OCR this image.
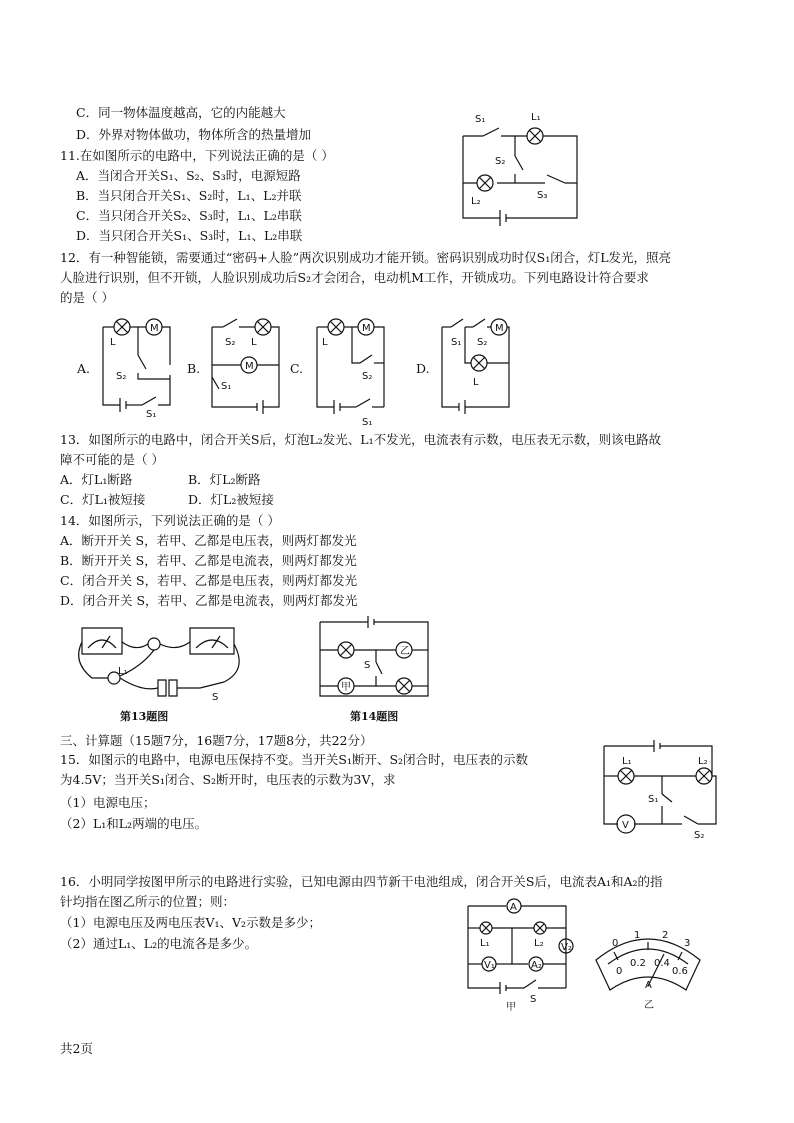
C．同一物体温度越高，它的内能越大
D．外界对物体做功，物体所含的热量增加
11.在如图所示的电路中，下列说法正确的是（ ）
A．当闭合开关S₁、S₂、S₃时，电源短路
B．当只闭合开关S₁、S₂时，L₁、L₂并联
C．当只闭合开关S₂、S₃时，L₁、L₂串联
D．当只闭合开关S₁、S₃时，L₁、L₂串联
S₁	L₁
S₂
L₂
S₃
12．有一种智能锁，需要通过“密码+人脸”两次识别成功才能开锁。密码识别成功时仅S₁闭合，灯L发光，照亮
人脸进行识别，但不开锁，人脸识别成功后S₂才会闭合，电动机M工作，开锁成功。下列电路设计符合要求
的是（ ）
A.	B.	C.	D.
M
L
S₂
S₁
M
S₂ L
S₁
M
L
S₂
S₁
M
S₁ S₂
L
13．如图所示的电路中，闭合开关S后，灯泡L₂发光、L₁不发光，电流表有示数，电压表无示数，则该电路故
障不可能的是（ ）
A．灯L₁断路	B．灯L₂断路
C．灯L₁被短接	D．灯L₂被短接
14．如图所示，下列说法正确的是（ ）
A．断开开关 S，若甲、乙都是电压表，则两灯都发光
B．断开开关 S，若甲、乙都是电流表，则两灯都发光
C．闭合开关 S，若甲、乙都是电压表，则两灯都发光
D．闭合开关 S，若甲、乙都是电流表，则两灯都发光
L₁
S
第13题图
乙
甲
S
第14题图
三、计算题（15题7分，16题7分，17题8分，共22分）
15．如图示的电路中，电源电压保持不变。当开关S₁断开、S₂闭合时，电压表的示数
为4.5V；当开关S₁闭合、S₂断开时，电压表的示数为3V，求
（1）电源电压；
（2）L₁和L₂两端的电压。	V
L₁	L₂
S₁
S₂
16．小明同学按图甲所示的电路进行实验，已知电源由四节新干电池组成，闭合开关S后，电流表A₁和A₂的指
针均指在图乙所示的位置；则：
（1）电源电压及两电压表V₁、V₂示数是多少；
（2）通过L₁、L₂的电流各是多少。
A
V₂
A₂
V₁
L₁	L₂
S
甲
0
1 2
3
0
0.2 0.4
0.6
A
乙
共2页
